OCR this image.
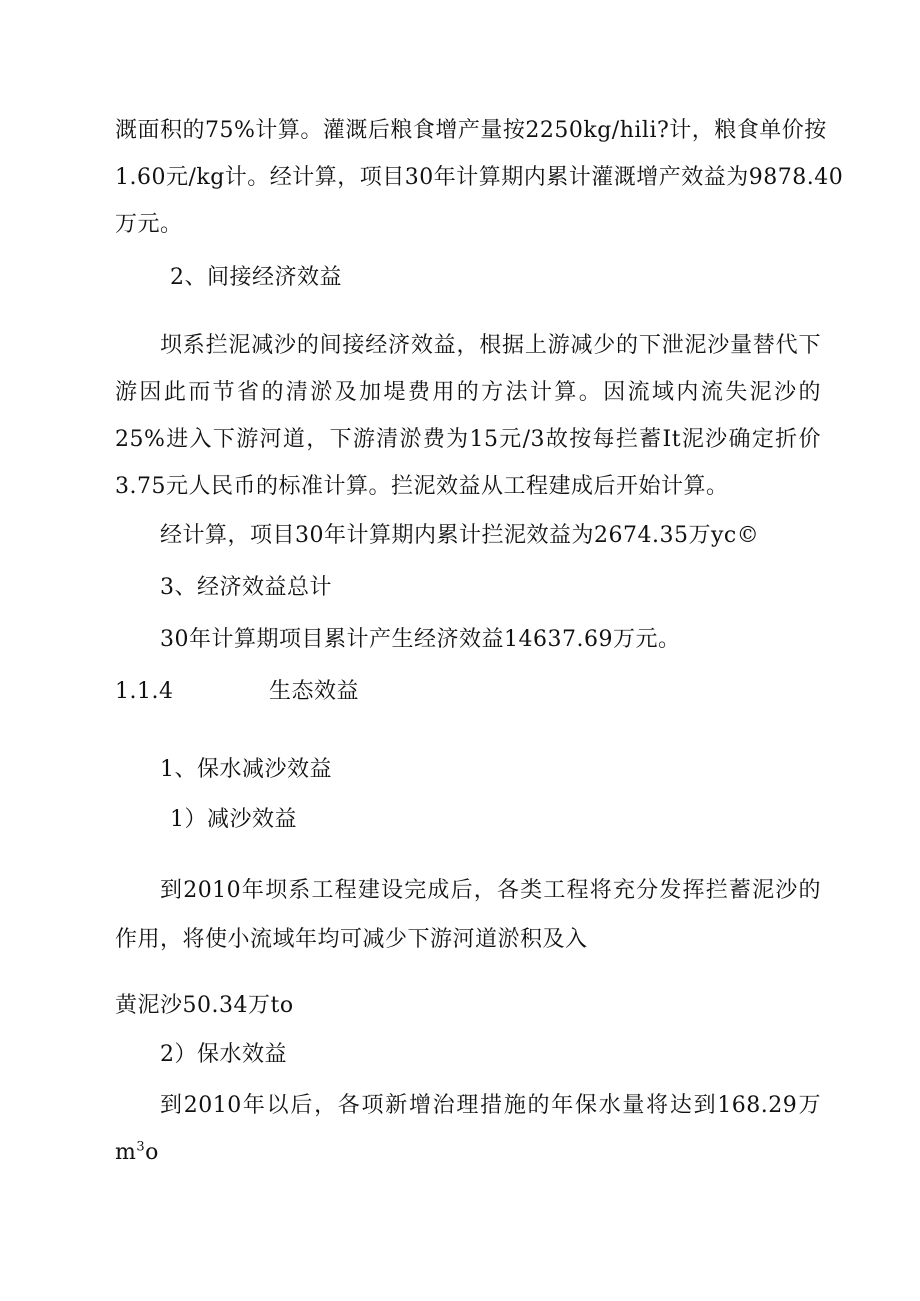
溉面积的75%计算。灌溉后粮食增产量按2250kg/hili?计，粮食单价按
1.60元/kg计。经计算，项目30年计算期内累计灌溉增产效益为9878.40
万元。
2、间接经济效益
坝系拦泥减沙的间接经济效益，根据上游减少的下泄泥沙量替代下
游因此而节省的清淤及加堤费用的方法计算。因流域内流失泥沙的
25%进入下游河道，下游清淤费为15元/3故按每拦蓄It泥沙确定折价
3.75元人民币的标准计算。拦泥效益从工程建成后开始计算。
经计算，项目30年计算期内累计拦泥效益为2674.35万yc©
3、经济效益总计
30年计算期项目累计产生经济效益14637.69万元。
1.1.4	生态效益
1、保水减沙效益
1）减沙效益
到2010年坝系工程建设完成后，各类工程将充分发挥拦蓄泥沙的
作用，将使小流域年均可减少下游河道淤积及入
黄泥沙50.34万to
2）保水效益
到2010年以后，各项新增治理措施的年保水量将达到168.29万
$m^3o$
